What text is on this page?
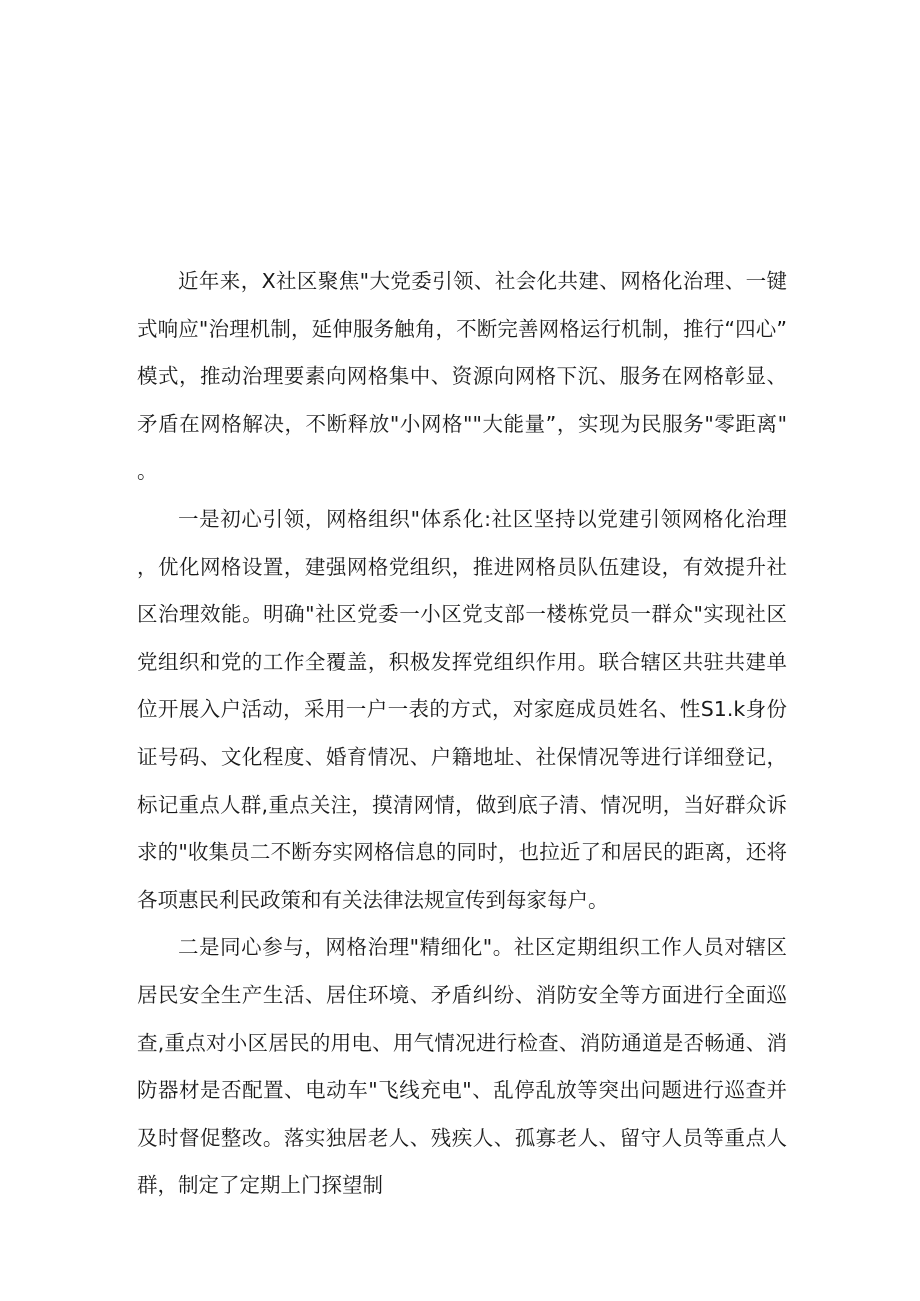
近年来，X社区聚焦"大党委引领、社会化共建、网格化治理、一键式响应"治理机制，延伸服务触角，不断完善网格运行机制，推行“四心”模式，推动治理要素向网格集中、资源向网格下沉、服务在网格彰显、矛盾在网格解决，不断释放"小网格""大能量”，实现为民服务"零距离"。

一是初心引领，网格组织"体系化:社区坚持以党建引领网格化治理，优化网格设置，建强网格党组织，推进网格员队伍建设，有效提升社区治理效能。明确"社区党委一小区党支部一楼栋党员一群众"实现社区党组织和党的工作全覆盖，积极发挥党组织作用。联合辖区共驻共建单位开展入户活动，采用一户一表的方式，对家庭成员姓名、性S1.k身份证号码、文化程度、婚育情况、户籍地址、社保情况等进行详细登记，标记重点人群,重点关注，摸清网情，做到底子清、情况明，当好群众诉求的"收集员二不断夯实网格信息的同时，也拉近了和居民的距离，还将各项惠民利民政策和有关法律法规宣传到每家每户。

二是同心参与，网格治理"精细化"。社区定期组织工作人员对辖区居民安全生产生活、居住环境、矛盾纠纷、消防安全等方面进行全面巡查,重点对小区居民的用电、用气情况进行检查、消防通道是否畅通、消防器材是否配置、电动车"飞线充电"、乱停乱放等突出问题进行巡查并及时督促整改。落实独居老人、残疾人、孤寡老人、留守人员等重点人群，制定了定期上门探望制
